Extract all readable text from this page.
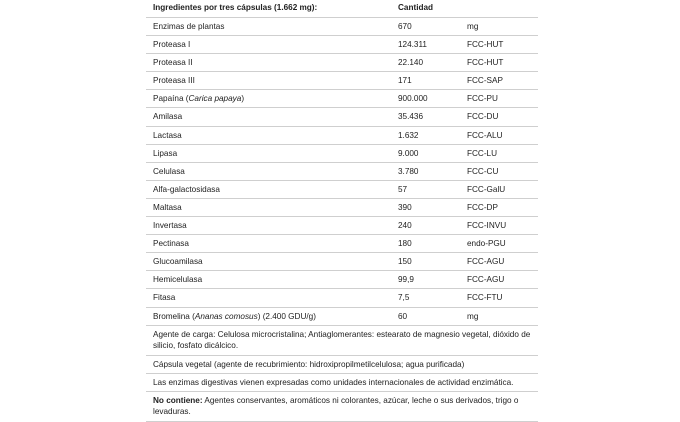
Ingredientes por tres cápsulas (1.662 mg):	Cantidad
Enzimas de plantas	670	mg
Proteasa I	124.311	FCC-HUT
Proteasa II	22.140	FCC-HUT
Proteasa III	171	FCC-SAP
Papaína (Carica papaya)	900.000	FCC-PU
Amilasa	35.436	FCC-DU
Lactasa	1.632	FCC-ALU
Lipasa	9.000	FCC-LU
Celulasa	3.780	FCC-CU
Alfa-galactosidasa	57	FCC-GalU
Maltasa	390	FCC-DP
Invertasa	240	FCC-INVU
Pectinasa	180	endo-PGU
Glucoamilasa	150	FCC-AGU
Hemicelulasa	99,9	FCC-AGU
Fitasa	7,5	FCC-FTU
Bromelina (Ananas comosus) (2.400 GDU/g)	60	mg
Agente de carga: Celulosa microcristalina; Antiaglomerantes: estearato de magnesio vegetal, dióxido de silicio, fosfato dicálcico.
Cápsula vegetal (agente de recubrimiento: hidroxipropilmetilcelulosa; agua purificada)
Las enzimas digestivas vienen expresadas como unidades internacionales de actividad enzimática.
No contiene: Agentes conservantes, aromáticos ni colorantes, azúcar, leche o sus derivados, trigo o levaduras.
